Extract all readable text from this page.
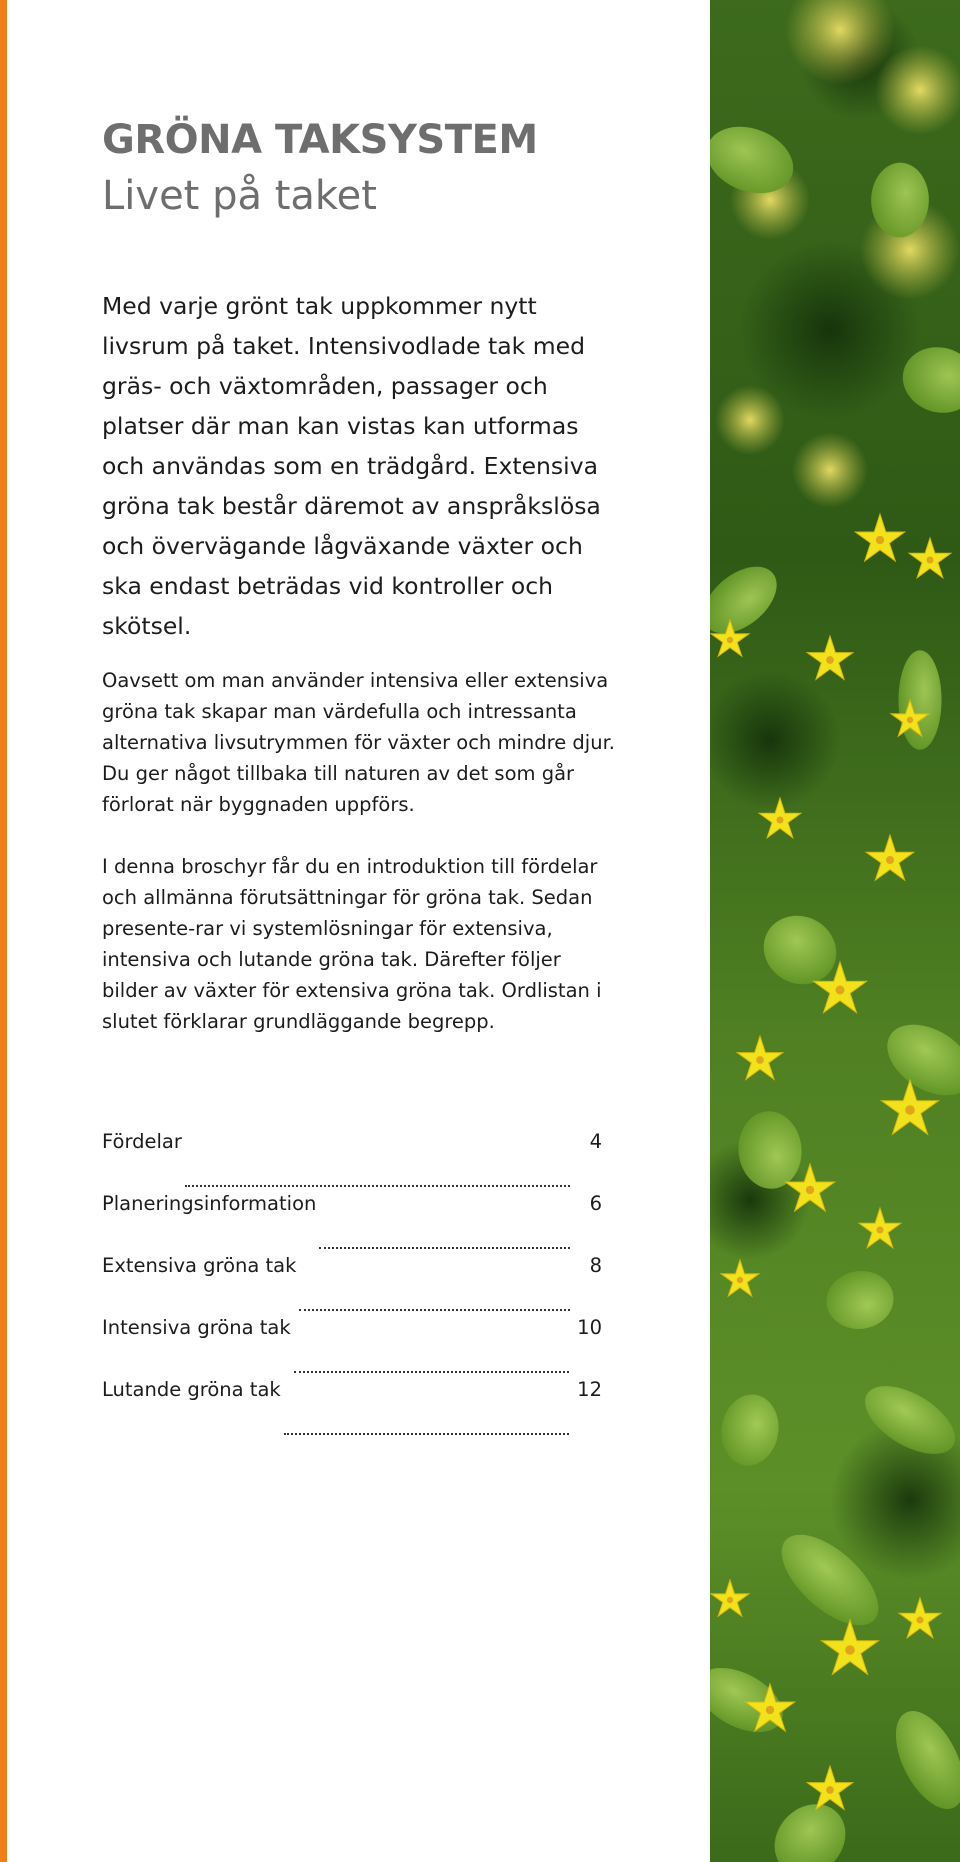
GRÖNA TAKSYSTEM
Livet på taket

Med varje grönt tak uppkommer nytt livsrum på taket. Intensivodlade tak med gräs- och växtområden, passager och platser där man kan vistas kan utformas och användas som en trädgård. Extensiva gröna tak består däremot av anspråkslösa och övervägande lågväxande växter och ska endast beträdas vid kontroller och skötsel.

Oavsett om man använder intensiva eller extensiva gröna tak skapar man värdefulla och intressanta alternativa livsutrymmen för växter och mindre djur. Du ger något tillbaka till naturen av det som går förlorat när byggnaden uppförs.

I denna broschyr får du en introduktion till fördelar och allmänna förutsättningar för gröna tak. Sedan presente-rar vi systemlösningar för extensiva, intensiva och lutande gröna tak. Därefter följer bilder av växter för extensiva gröna tak. Ordlistan i slutet förklarar grundläggande begrepp.

Fördelar	4
Planeringsinformation	6
Extensiva gröna tak	8
Intensiva gröna tak	10
Lutande gröna tak	12
